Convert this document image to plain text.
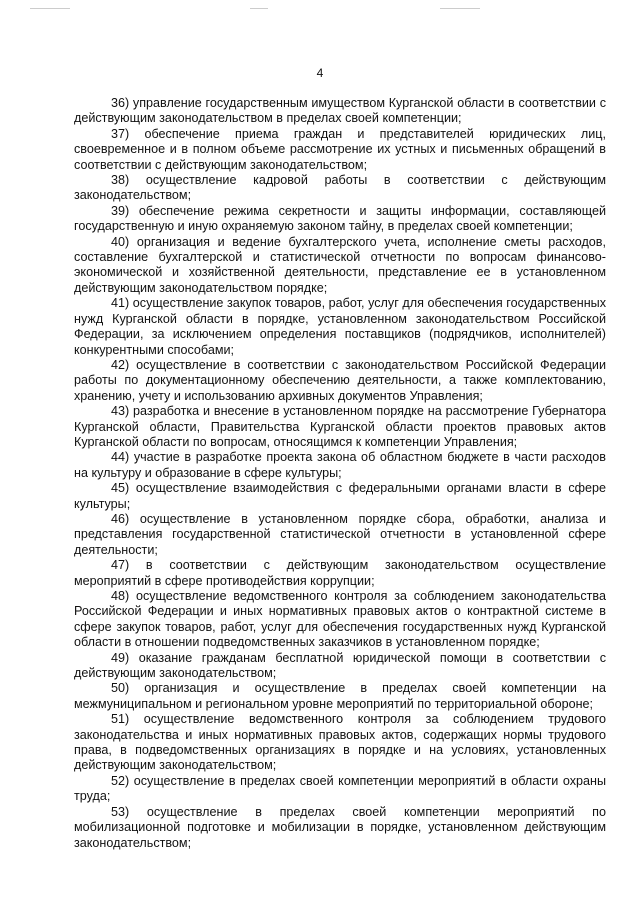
4

36) управление государственным имуществом Курганской области в соответствии с действующим законодательством в пределах своей компетенции;

37) обеспечение приема граждан и представителей юридических лиц, своевременное и в полном объеме рассмотрение их устных и письменных обращений в соответствии с действующим законодательством;

38) осуществление кадровой работы в соответствии с действующим законодательством;

39) обеспечение режима секретности и защиты информации, составляющей государственную и иную охраняемую законом тайну, в пределах своей компетенции;

40) организация и ведение бухгалтерского учета, исполнение сметы расходов, составление бухгалтерской и статистической отчетности по вопросам финансово-экономической и хозяйственной деятельности, представление ее в установленном действующим законодательством порядке;

41) осуществление закупок товаров, работ, услуг для обеспечения государственных нужд Курганской области в порядке, установленном законодательством Российской Федерации, за исключением определения поставщиков (подрядчиков, исполнителей) конкурентными способами;

42) осуществление в соответствии с законодательством Российской Федерации работы по документационному обеспечению деятельности, а также комплектованию, хранению, учету и использованию архивных документов Управления;

43) разработка и внесение в установленном порядке на рассмотрение Губернатора Курганской области, Правительства Курганской области проектов правовых актов Курганской области по вопросам, относящимся к компетенции Управления;

44) участие в разработке проекта закона об областном бюджете в части расходов на культуру и образование в сфере культуры;

45) осуществление взаимодействия с федеральными органами власти в сфере культуры;

46) осуществление в установленном порядке сбора, обработки, анализа и представления государственной статистической отчетности в установленной сфере деятельности;

47) в соответствии с действующим законодательством осуществление мероприятий в сфере противодействия коррупции;

48) осуществление ведомственного контроля за соблюдением законодательства Российской Федерации и иных нормативных правовых актов о контрактной системе в сфере закупок товаров, работ, услуг для обеспечения государственных нужд Курганской области в отношении подведомственных заказчиков в установленном порядке;

49) оказание гражданам бесплатной юридической помощи в соответствии с действующим законодательством;

50) организация и осуществление в пределах своей компетенции на межмуниципальном и региональном уровне мероприятий по территориальной обороне;

51) осуществление ведомственного контроля за соблюдением трудового законодательства и иных нормативных правовых актов, содержащих нормы трудового права, в подведомственных организациях в порядке и на условиях, установленных действующим законодательством;

52) осуществление в пределах своей компетенции мероприятий в области охраны труда;

53) осуществление в пределах своей компетенции мероприятий по мобилизационной подготовке и мобилизации в порядке, установленном действующим законодательством;
